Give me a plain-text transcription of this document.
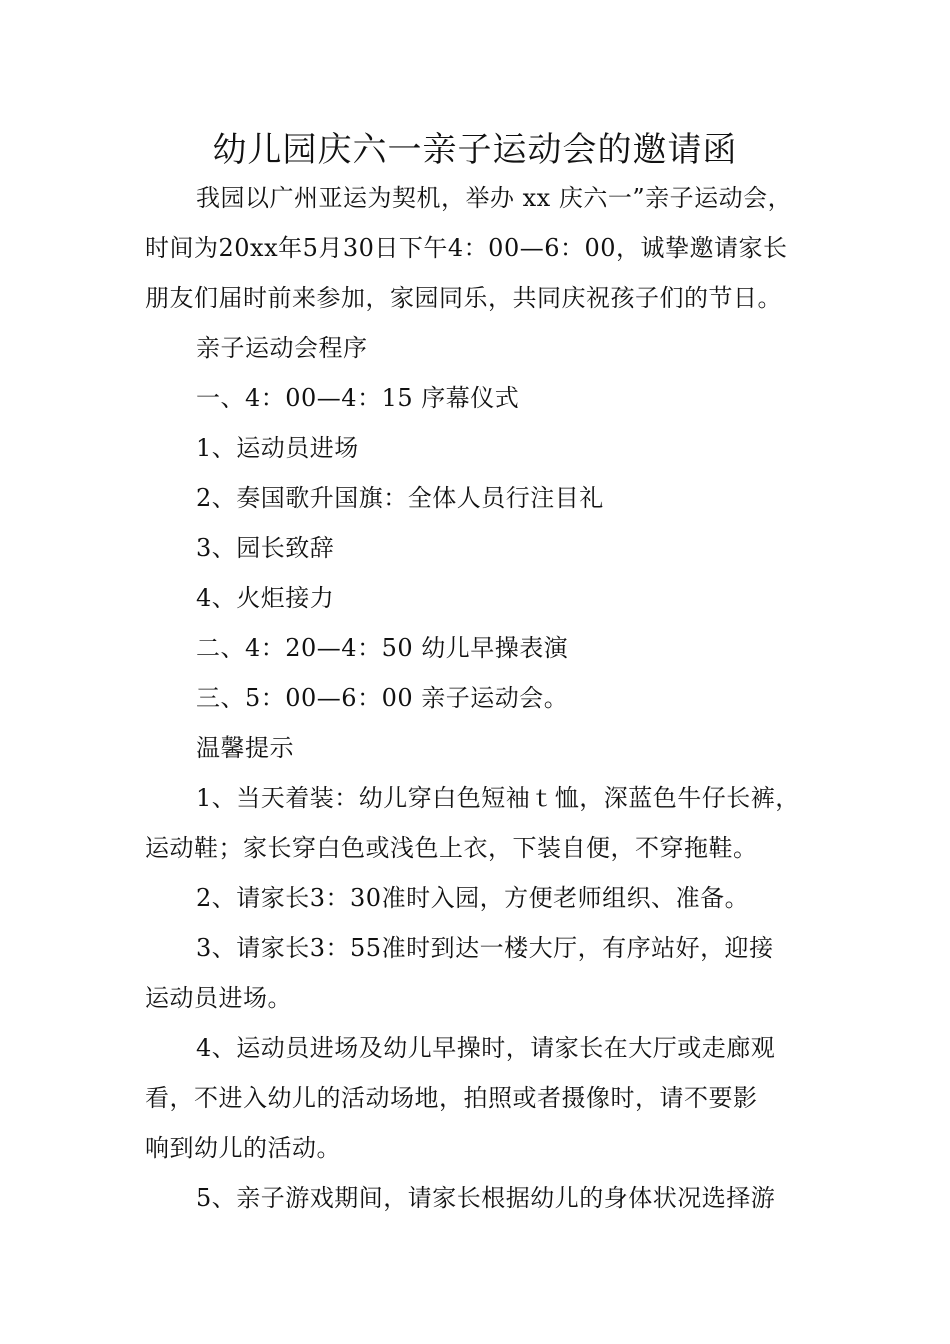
幼儿园庆六一亲子运动会的邀请函
我园以广州亚运为契机，举办 xx 庆六一”亲子运动会，
时间为20xx年5月30日下午4：00—6：00，诚挚邀请家长
朋友们届时前来参加，家园同乐，共同庆祝孩子们的节日。
亲子运动会程序
一、4：00—4：15 序幕仪式
1、运动员进场
2、奏国歌升国旗：全体人员行注目礼
3、园长致辞
4、火炬接力
二、4：20—4：50 幼儿早操表演
三、5：00—6：00 亲子运动会。
温馨提示
1、当天着装：幼儿穿白色短袖ｔ恤，深蓝色牛仔长裤，
运动鞋；家长穿白色或浅色上衣，下装自便，不穿拖鞋。
2、请家长3：30准时入园，方便老师组织、准备。
3、请家长3：55准时到达一楼大厅，有序站好，迎接
运动员进场。
4、运动员进场及幼儿早操时，请家长在大厅或走廊观
看，不进入幼儿的活动场地，拍照或者摄像时，请不要影
响到幼儿的活动。
5、亲子游戏期间，请家长根据幼儿的身体状况选择游
